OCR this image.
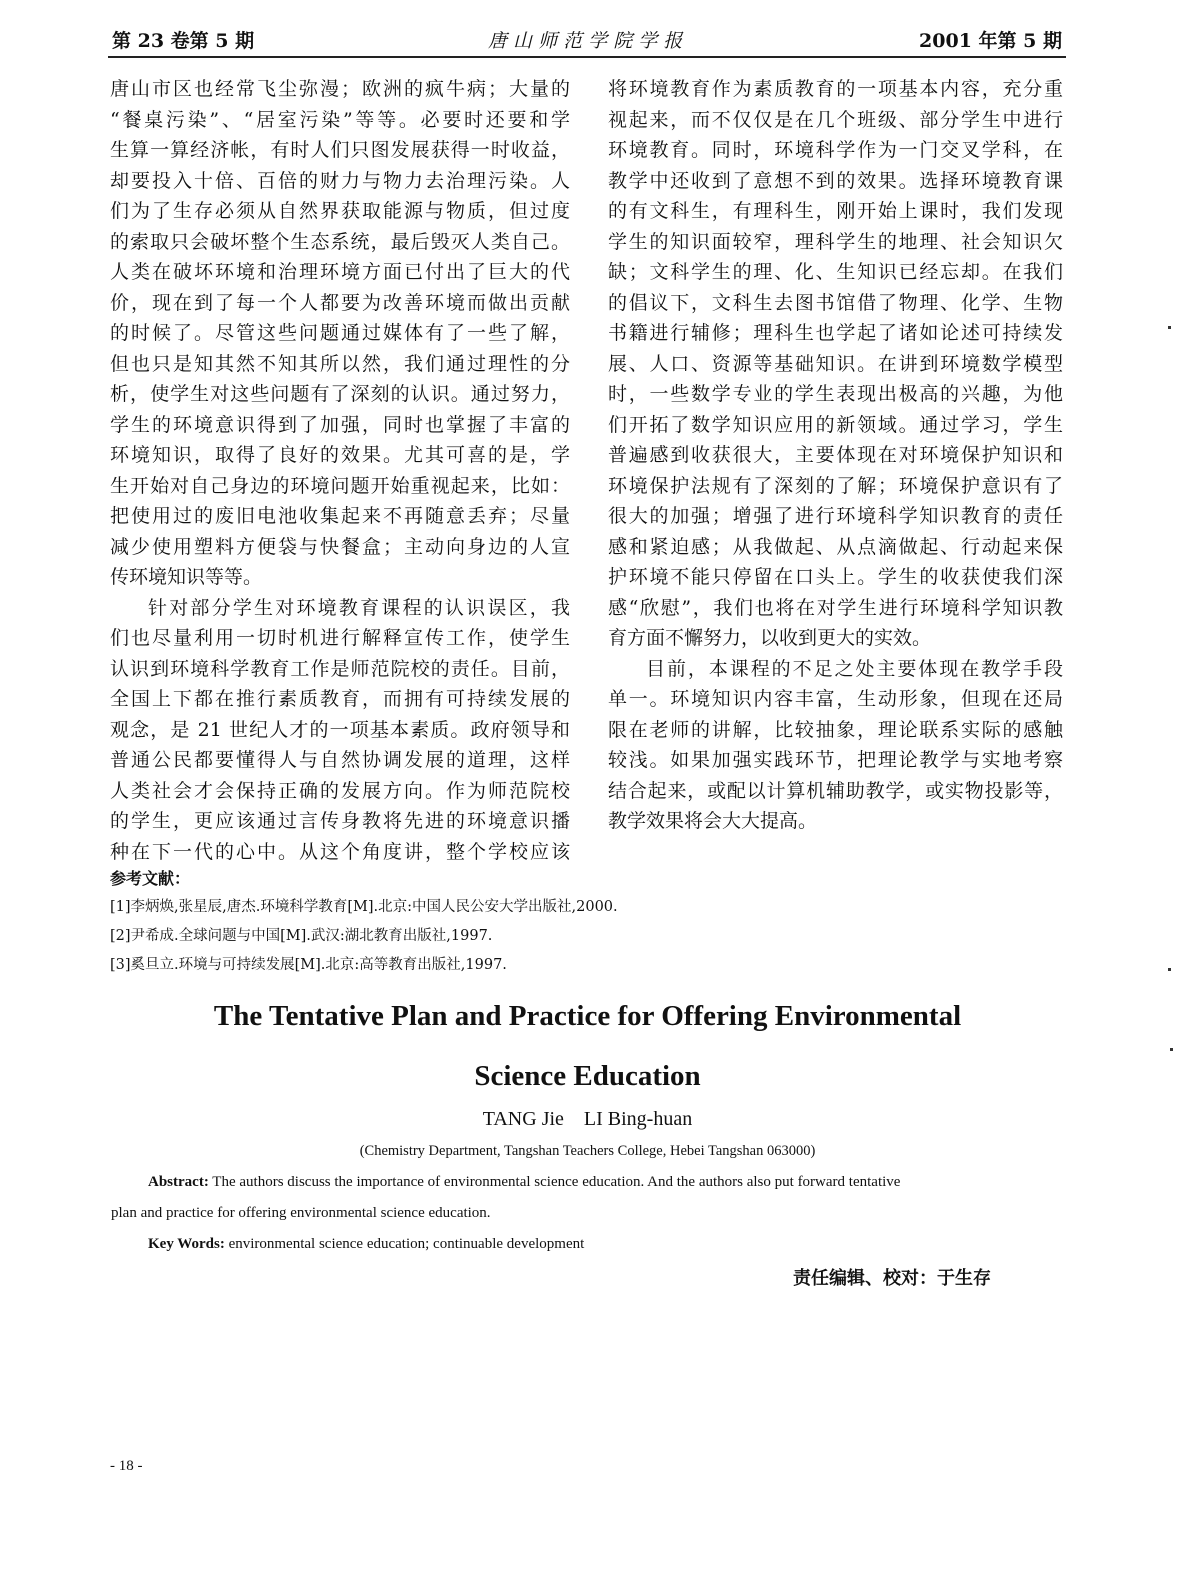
第 23 卷第 5 期	唐 山 师 范 学 院 学 报	2001 年第 5 期
唐山市区也经常飞尘弥漫；欧洲的疯牛病；大量的
“餐桌污染”、“居室污染”等等。必要时还要和学
生算一算经济帐，有时人们只图发展获得一时收益，
却要投入十倍、百倍的财力与物力去治理污染。人
们为了生存必须从自然界获取能源与物质，但过度
的索取只会破坏整个生态系统，最后毁灭人类自己。
人类在破坏环境和治理环境方面已付出了巨大的代
价，现在到了每一个人都要为改善环境而做出贡献
的时候了。尽管这些问题通过媒体有了一些了解，
但也只是知其然不知其所以然，我们通过理性的分
析，使学生对这些问题有了深刻的认识。通过努力，
学生的环境意识得到了加强，同时也掌握了丰富的
环境知识，取得了良好的效果。尤其可喜的是，学
生开始对自己身边的环境问题开始重视起来，比如：
把使用过的废旧电池收集起来不再随意丢弃；尽量
减少使用塑料方便袋与快餐盒；主动向身边的人宣
传环境知识等等。
针对部分学生对环境教育课程的认识误区，我
们也尽量利用一切时机进行解释宣传工作，使学生
认识到环境科学教育工作是师范院校的责任。目前，
全国上下都在推行素质教育，而拥有可持续发展的
观念，是 21 世纪人才的一项基本素质。政府领导和
普通公民都要懂得人与自然协调发展的道理，这样
人类社会才会保持正确的发展方向。作为师范院校
的学生，更应该通过言传身教将先进的环境意识播
种在下一代的心中。从这个角度讲，整个学校应该
将环境教育作为素质教育的一项基本内容，充分重
视起来，而不仅仅是在几个班级、部分学生中进行
环境教育。同时，环境科学作为一门交叉学科，在
教学中还收到了意想不到的效果。选择环境教育课
的有文科生，有理科生，刚开始上课时，我们发现
学生的知识面较窄，理科学生的地理、社会知识欠
缺；文科学生的理、化、生知识已经忘却。在我们
的倡议下，文科生去图书馆借了物理、化学、生物
书籍进行辅修；理科生也学起了诸如论述可持续发
展、人口、资源等基础知识。在讲到环境数学模型
时，一些数学专业的学生表现出极高的兴趣，为他
们开拓了数学知识应用的新领域。通过学习，学生
普遍感到收获很大，主要体现在对环境保护知识和
环境保护法规有了深刻的了解；环境保护意识有了
很大的加强；增强了进行环境科学知识教育的责任
感和紧迫感；从我做起、从点滴做起、行动起来保
护环境不能只停留在口头上。学生的收获使我们深
感“欣慰”，我们也将在对学生进行环境科学知识教
育方面不懈努力，以收到更大的实效。
目前，本课程的不足之处主要体现在教学手段
单一。环境知识内容丰富，生动形象，但现在还局
限在老师的讲解，比较抽象，理论联系实际的感触
较浅。如果加强实践环节，把理论教学与实地考察
结合起来，或配以计算机辅助教学，或实物投影等，
教学效果将会大大提高。
参考文献：
[1]李炳焕,张星辰,唐杰.环境科学教育[M].北京:中国人民公安大学出版社,2000.
[2]尹希成.全球问题与中国[M].武汉:湖北教育出版社,1997.
[3]奚旦立.环境与可持续发展[M].北京:高等教育出版社,1997.
The Tentative Plan and Practice for Offering Environmental
Science Education
TANG Jie    LI Bing-huan
(Chemistry Department, Tangshan Teachers College, Hebei Tangshan 063000)
Abstract: The authors discuss the importance of environmental science education. And the authors also put forward tentative
plan and practice for offering environmental science education.
Key Words: environmental science education; continuable development
责任编辑、校对：于生存
- 18 -
